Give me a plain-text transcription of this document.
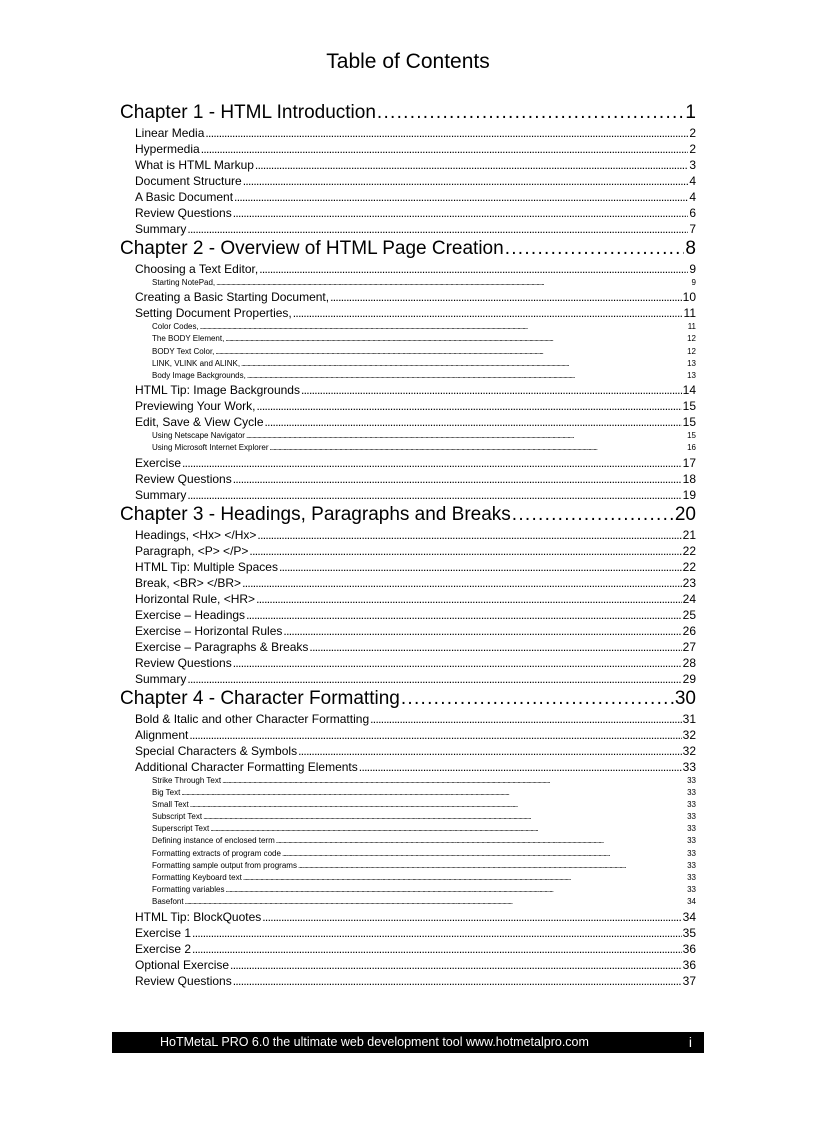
Table of Contents
Chapter 1 - HTML Introduction . . .	1
Linear Media . . .	2
Hypermedia . . .	2
What is HTML Markup . . .	3
Document Structure . . .	4
A Basic Document . . .	4
Review Questions . . .	6
Summary . . .	7
Chapter 2 - Overview of HTML Page Creation . . .	8
Choosing a Text Editor, . . .	9
Starting NotePad, . . .	9
Creating a Basic Starting Document, . . .	10
Setting Document Properties, . . .	11
Color Codes, . . .	11
The BODY Element, . . .	12
BODY Text Color, . . .	12
LINK, VLINK and ALINK, . . .	13
Body Image Backgrounds, . . .	13
HTML Tip: Image Backgrounds . . .	14
Previewing Your Work, . . .	15
Edit, Save & View Cycle . . .	15
Using Netscape Navigator . . .	15
Using Microsoft Internet Explorer . . .	16
Exercise . . .	17
Review Questions . . .	18
Summary . . .	19
Chapter 3 - Headings, Paragraphs and Breaks . . .	20
Headings, <Hx> </Hx> . . .	21
Paragraph, <P> </P> . . .	22
HTML Tip: Multiple Spaces . . .	22
Break, <BR> </BR> . . .	23
Horizontal Rule, <HR> . . .	24
Exercise – Headings . . .	25
Exercise – Horizontal Rules . . .	26
Exercise – Paragraphs & Breaks . . .	27
Review Questions . . .	28
Summary . . .	29
Chapter 4 - Character Formatting . . .	30
Bold & Italic and other Character Formatting . . .	31
Alignment . . .	32
Special Characters & Symbols . . .	32
Additional Character Formatting Elements . . .	33
Strike Through Text . . .	33
Big Text . . .	33
Small Text . . .	33
Subscript Text . . .	33
Superscript Text . . .	33
Defining instance of enclosed term . . .	33
Formatting extracts of program code . . .	33
Formatting sample output from programs . . .	33
Formatting Keyboard text . . .	33
Formatting variables . . .	33
Basefont . . .	34
HTML Tip: BlockQuotes . . .	34
Exercise 1 . . .	35
Exercise 2 . . .	36
Optional Exercise . . .	36
Review Questions . . .	37
HoTMetaL PRO 6.0 the ultimate web development tool www.hotmetalpro.com	i
